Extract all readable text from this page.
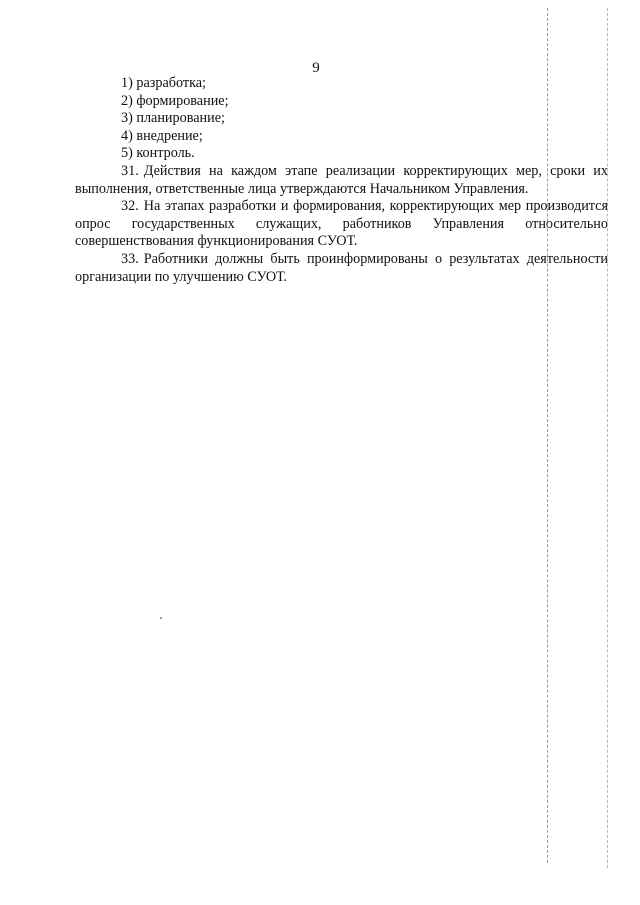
9
1) разработка;
2) формирование;
3) планирование;
4) внедрение;
5) контроль.

31. Действия на каждом этапе реализации корректирующих мер, сроки их выполнения, ответственные лица утверждаются Начальником Управления.

32. На этапах разработки и формирования, корректирующих мер производится опрос государственных служащих, работников Управления относительно совершенствования функционирования СУОТ.

33. Работники должны быть проинформированы о результатах деятельности организации по улучшению СУОТ.
